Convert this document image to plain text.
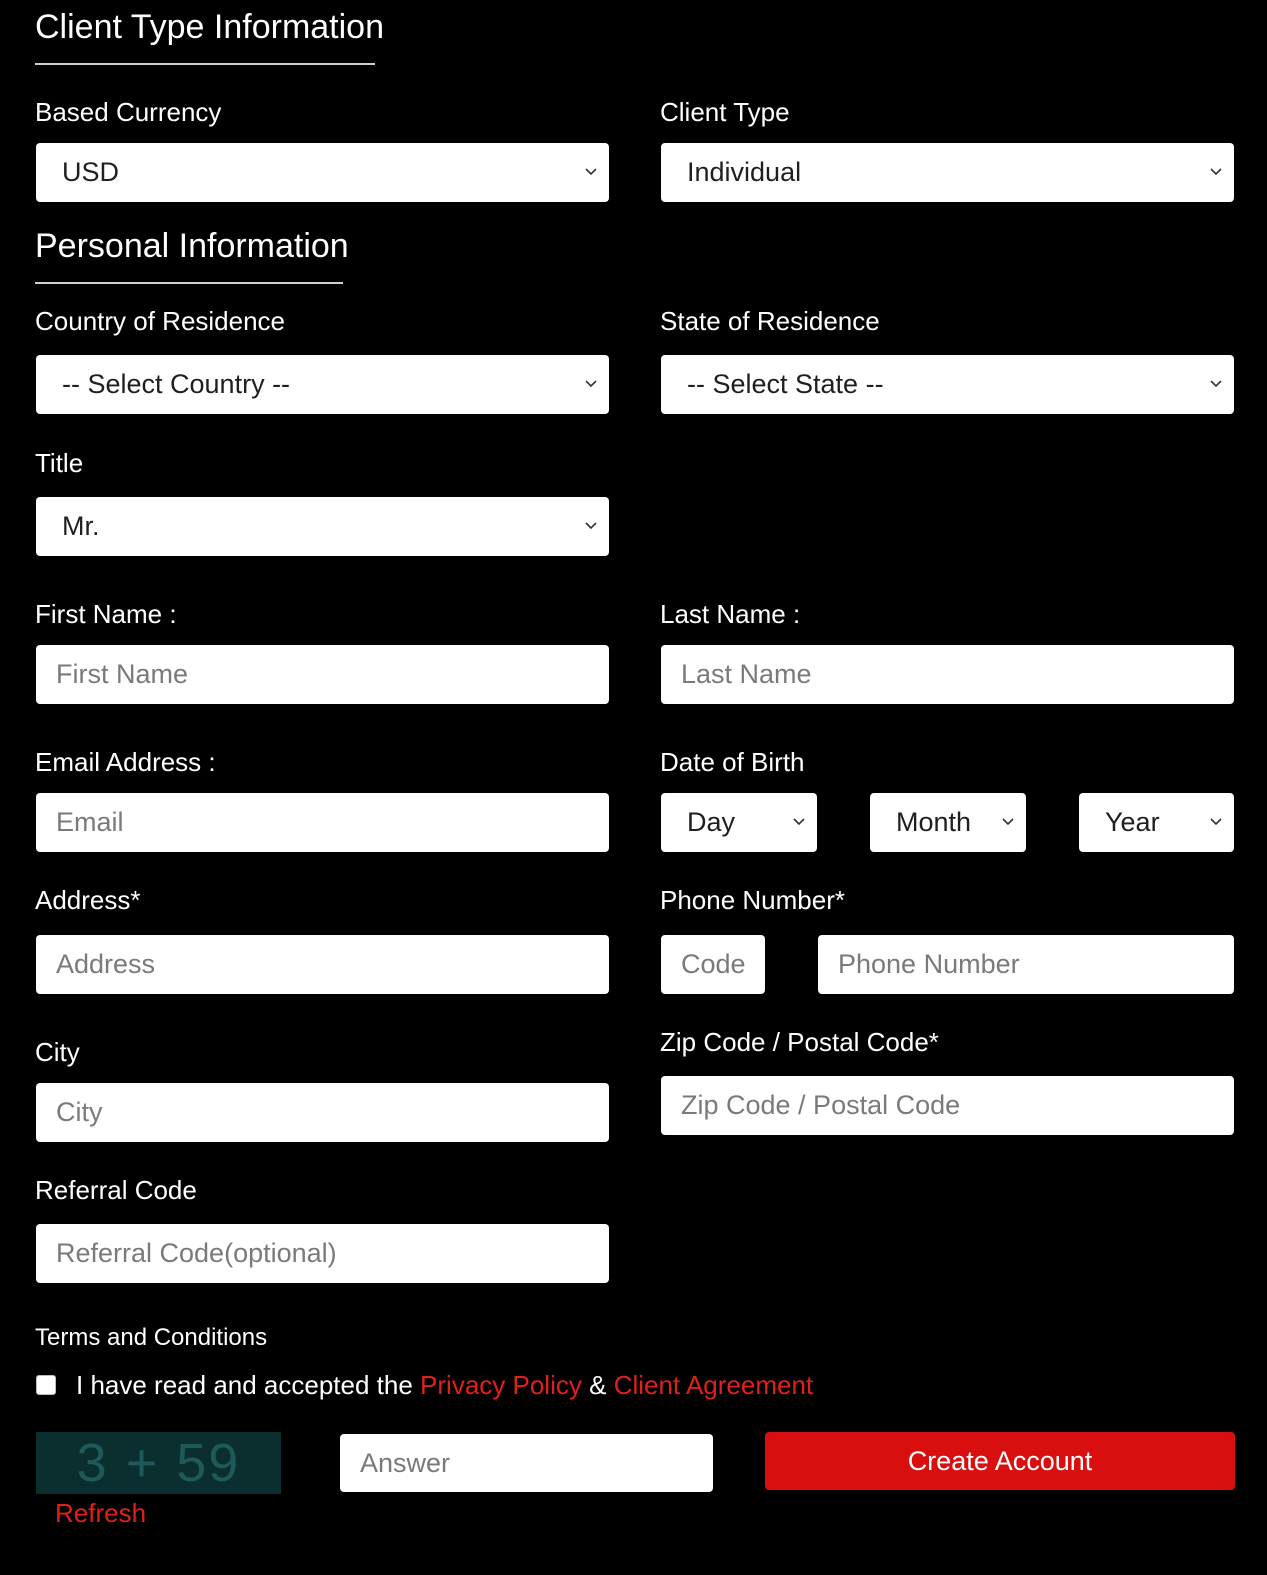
Client Type Information
Based Currency
USD
Client Type
Individual
Personal Information
Country of Residence
-- Select Country --
State of Residence
-- Select State --
Title
Mr.
First Name :
First Name
Last Name :
Last Name
Email Address :
Email
Date of Birth
Day	Month	Year
Address*
Address
Phone Number*
Code	Phone Number
City
City
Zip Code / Postal Code*
Zip Code / Postal Code
Referral Code
Referral Code(optional)
Terms and Conditions
I have read and accepted the Privacy Policy & Client Agreement
3 + 59
Refresh
Answer	Create Account
